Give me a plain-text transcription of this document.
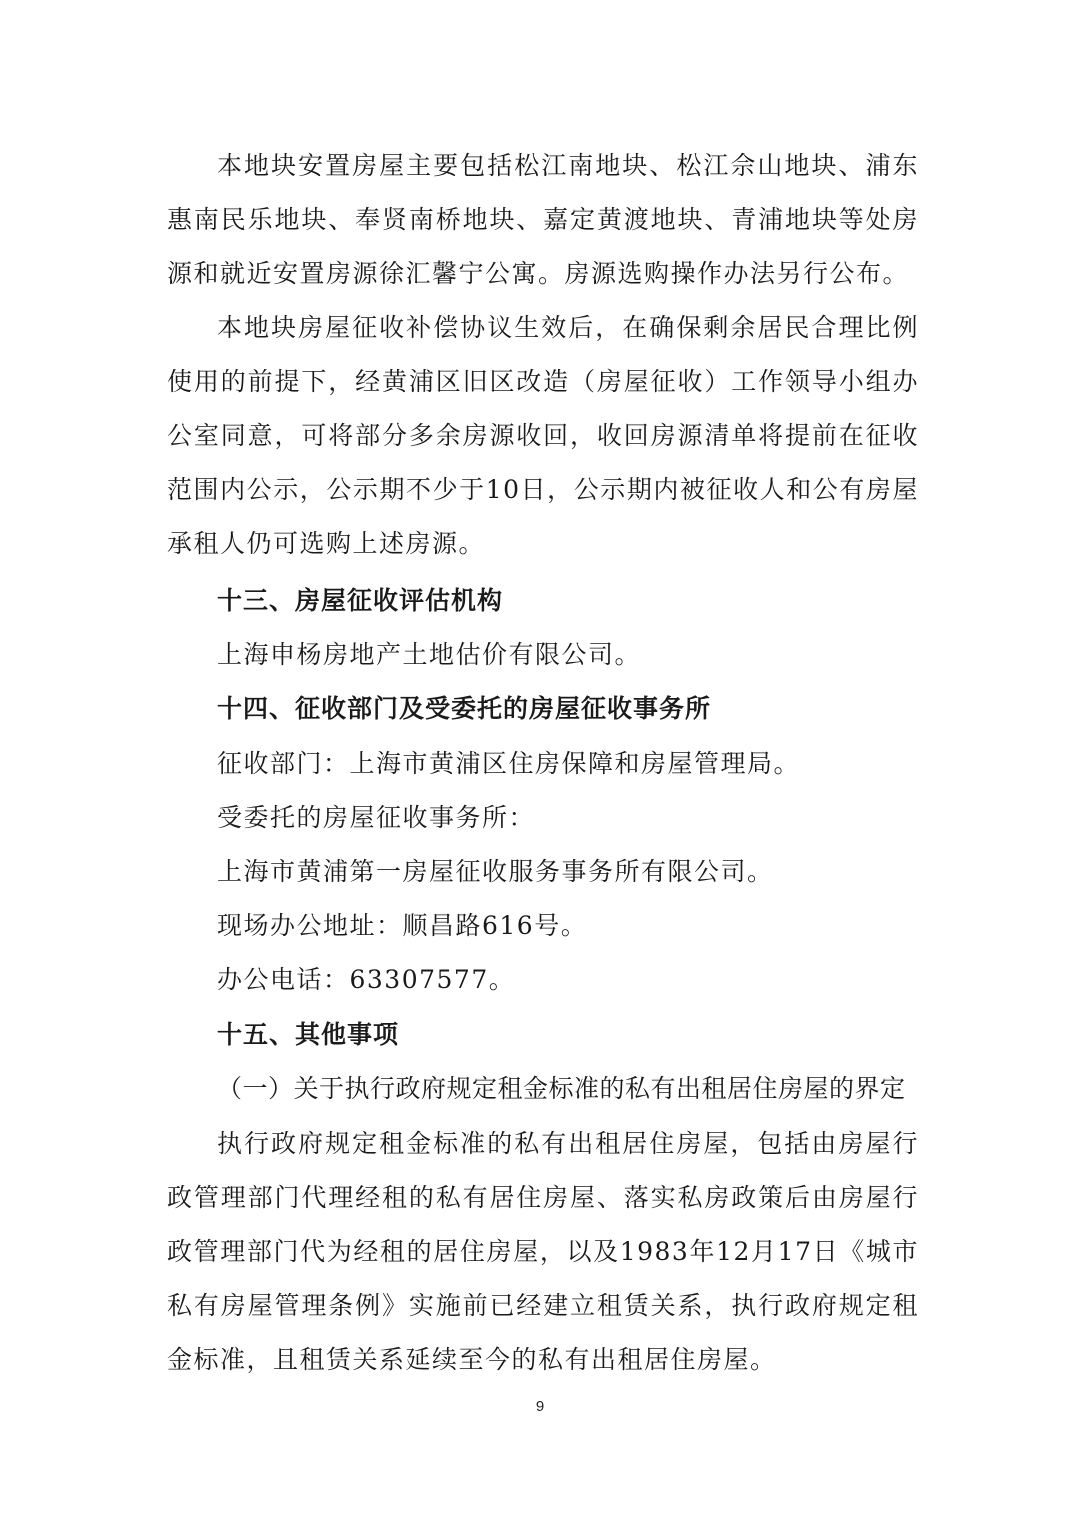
本地块安置房屋主要包括松江南地块、松江佘山地块、浦东惠南民乐地块、奉贤南桥地块、嘉定黄渡地块、青浦地块等处房源和就近安置房源徐汇馨宁公寓。房源选购操作办法另行公布。

本地块房屋征收补偿协议生效后，在确保剩余居民合理比例使用的前提下，经黄浦区旧区改造（房屋征收）工作领导小组办公室同意，可将部分多余房源收回，收回房源清单将提前在征收范围内公示，公示期不少于10日，公示期内被征收人和公有房屋承租人仍可选购上述房源。

十三、房屋征收评估机构
上海申杨房地产土地估价有限公司。
十四、征收部门及受委托的房屋征收事务所
征收部门：上海市黄浦区住房保障和房屋管理局。
受委托的房屋征收事务所：
上海市黄浦第一房屋征收服务事务所有限公司。
现场办公地址：顺昌路616号。
办公电话：63307577。
十五、其他事项
（一）关于执行政府规定租金标准的私有出租居住房屋的界定

执行政府规定租金标准的私有出租居住房屋，包括由房屋行政管理部门代理经租的私有居住房屋、落实私房政策后由房屋行政管理部门代为经租的居住房屋，以及1983年12月17日《城市私有房屋管理条例》实施前已经建立租赁关系，执行政府规定租金标准，且租赁关系延续至今的私有出租居住房屋。

9
